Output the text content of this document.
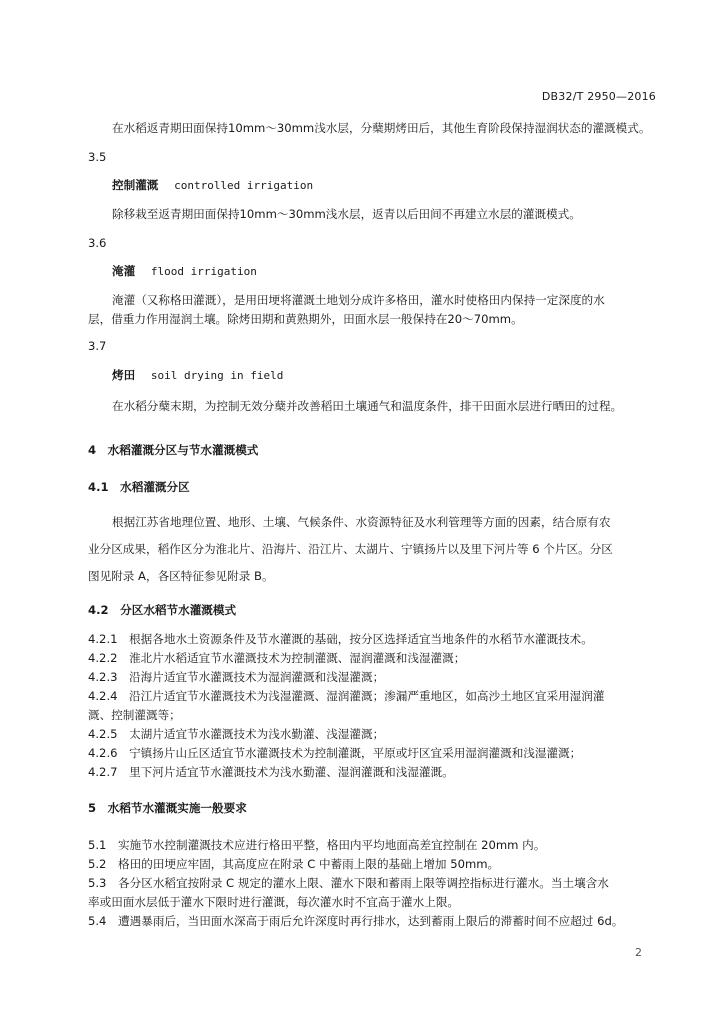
DB32/T 2950—2016
在水稻返青期田面保持10mm～30mm浅水层，分蘖期烤田后，其他生育阶段保持湿润状态的灌溉模式。
3.5
控制灌溉 controlled irrigation
除移栽至返青期田面保持10mm～30mm浅水层，返青以后田间不再建立水层的灌溉模式。
3.6
淹灌 flood irrigation
淹灌（又称格田灌溉），是用田埂将灌溉土地划分成许多格田，灌水时使格田内保持一定深度的水
层，借重力作用湿润土壤。除烤田期和黄熟期外，田面水层一般保持在20～70mm。
3.7
烤田 soil drying in field
在水稻分蘖末期，为控制无效分蘖并改善稻田土壤通气和温度条件，排干田面水层进行晒田的过程。
4　水稻灌溉分区与节水灌溉模式
4.1　水稻灌溉分区
根据江苏省地理位置、地形、土壤、气候条件、水资源特征及水利管理等方面的因素，结合原有农
业分区成果，稻作区分为淮北片、沿海片、沿江片、太湖片、宁镇扬片以及里下河片等 6 个片区。分区
图见附录 A，各区特征参见附录 B。
4.2　分区水稻节水灌溉模式
4.2.1　根据各地水土资源条件及节水灌溉的基础，按分区选择适宜当地条件的水稻节水灌溉技术。
4.2.2　淮北片水稻适宜节水灌溉技术为控制灌溉、湿润灌溉和浅湿灌溉；
4.2.3　沿海片适宜节水灌溉技术为湿润灌溉和浅湿灌溉；
4.2.4　沿江片适宜节水灌溉技术为浅湿灌溉、湿润灌溉；渗漏严重地区，如高沙土地区宜采用湿润灌
溉、控制灌溉等；
4.2.5　太湖片适宜节水灌溉技术为浅水勤灌、浅湿灌溉；
4.2.6　宁镇扬片山丘区适宜节水灌溉技术为控制灌溉，平原或圩区宜采用湿润灌溉和浅湿灌溉；
4.2.7　里下河片适宜节水灌溉技术为浅水勤灌、湿润灌溉和浅湿灌溉。
5　水稻节水灌溉实施一般要求
5.1　实施节水控制灌溉技术应进行格田平整，格田内平均地面高差宜控制在 20mm 内。
5.2　格田的田埂应牢固，其高度应在附录 C 中蓄雨上限的基础上增加 50mm。
5.3　各分区水稻宜按附录 C 规定的灌水上限、灌水下限和蓄雨上限等调控指标进行灌水。当土壤含水
率或田面水层低于灌水下限时进行灌溉，每次灌水时不宜高于灌水上限。
5.4　遭遇暴雨后，当田面水深高于雨后允许深度时再行排水，达到蓄雨上限后的滞蓄时间不应超过 6d。
2
